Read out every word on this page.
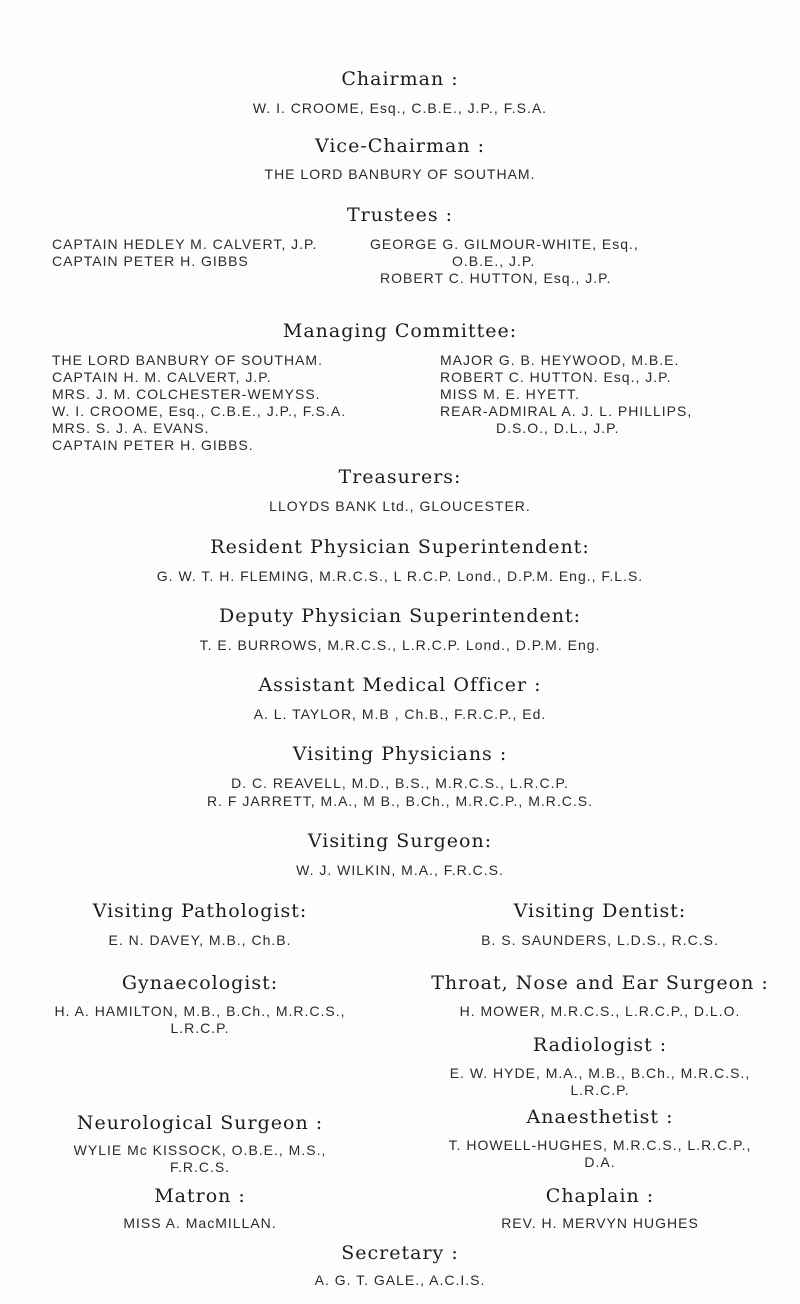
Chairman :
W. I. CROOME, Esq., C.B.E., J.P., F.S.A.
Vice-Chairman :
THE LORD BANBURY OF SOUTHAM.
Trustees :
CAPTAIN HEDLEY M. CALVERT, J.P.
CAPTAIN PETER H. GIBBS
GEORGE G. GILMOUR-WHITE, Esq.,
O.B.E., J.P.
ROBERT C. HUTTON, Esq., J.P.
Managing Committee:
THE LORD BANBURY OF SOUTHAM.
CAPTAIN H. M. CALVERT, J.P.
MRS. J. M. COLCHESTER-WEMYSS.
W. I. CROOME, Esq., C.B.E., J.P., F.S.A.
MRS. S. J. A. EVANS.
CAPTAIN PETER H. GIBBS.
MAJOR G. B. HEYWOOD, M.B.E.
ROBERT C. HUTTON. Esq., J.P.
MISS M. E. HYETT.
REAR-ADMIRAL A. J. L. PHILLIPS,
D.S.O., D.L., J.P.
Treasurers:
LLOYDS BANK Ltd., GLOUCESTER.
Resident Physician Superintendent:
G. W. T. H. FLEMING, M.R.C.S., L R.C.P. Lond., D.P.M. Eng., F.L.S.
Deputy Physician Superintendent:
T. E. BURROWS, M.R.C.S., L.R.C.P. Lond., D.P.M. Eng.
Assistant Medical Officer :
A. L. TAYLOR, M.B , Ch.B., F.R.C.P., Ed.
Visiting Physicians :
D. C. REAVELL, M.D., B.S., M.R.C.S., L.R.C.P.
R. F JARRETT, M.A., M B., B.Ch., M.R.C.P., M.R.C.S.
Visiting Surgeon:
W. J. WILKIN, M.A., F.R.C.S.
Visiting Pathologist:
E. N. DAVEY, M.B., Ch.B.
Visiting Dentist:
B. S. SAUNDERS, L.D.S., R.C.S.
Gynaecologist:
H. A. HAMILTON, M.B., B.Ch., M.R.C.S.,
L.R.C.P.
Throat, Nose and Ear Surgeon :
H. MOWER, M.R.C.S., L.R.C.P., D.L.O.
Radiologist :
E. W. HYDE, M.A., M.B., B.Ch., M.R.C.S.,
L.R.C.P.
Neurological Surgeon :
WYLIE Mc KISSOCK, O.B.E., M.S.,
F.R.C.S.
Anaesthetist :
T. HOWELL-HUGHES, M.R.C.S., L.R.C.P.,
D.A.
Matron :
MISS A. MacMILLAN.
Chaplain :
REV. H. MERVYN HUGHES
Secretary :
A. G. T. GALE., A.C.I.S.
